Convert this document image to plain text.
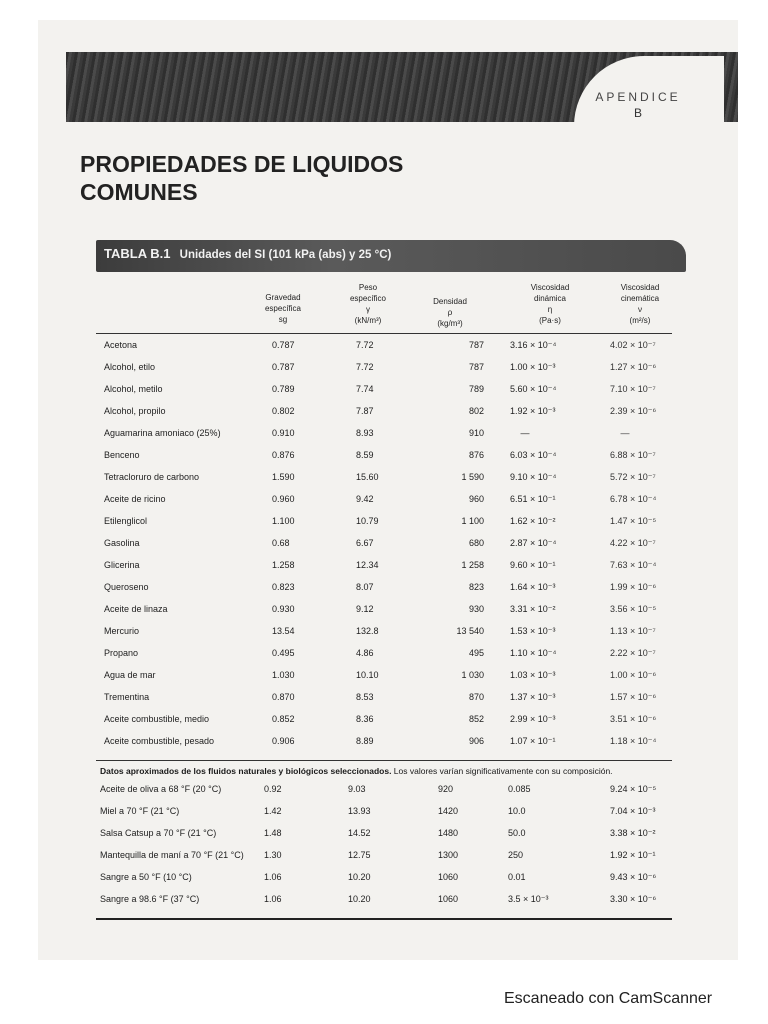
APENDICE
B
PROPIEDADES DE LIQUIDOS
COMUNES
TABLA B.1 Unidades del SI (101 kPa (abs) y 25 °C)
Gravedad
específica
sg
Peso
específico
γ
(kN/m³)
Densidad
ρ
(kg/m³)
Viscosidad
dinámica
η
(Pa·s)
Viscosidad
cinemática
ν
(m²/s)
Acetona	0.787	7.72	787	3.16 × 10⁻⁴	4.02 × 10⁻⁷
Alcohol, etilo	0.787	7.72	787	1.00 × 10⁻³	1.27 × 10⁻⁶
Alcohol, metilo	0.789	7.74	789	5.60 × 10⁻⁴	7.10 × 10⁻⁷
Alcohol, propilo	0.802	7.87	802	1.92 × 10⁻³	2.39 × 10⁻⁶
Aguamarina amoniaco (25%)	0.910	8.93	910	—	—
Benceno	0.876	8.59	876	6.03 × 10⁻⁴	6.88 × 10⁻⁷
Tetracloruro de carbono	1.590	15.60	1 590	9.10 × 10⁻⁴	5.72 × 10⁻⁷
Aceite de ricino	0.960	9.42	960	6.51 × 10⁻¹	6.78 × 10⁻⁴
Etilenglicol	1.100	10.79	1 100	1.62 × 10⁻²	1.47 × 10⁻⁵
Gasolina	0.68	6.67	680	2.87 × 10⁻⁴	4.22 × 10⁻⁷
Glicerina	1.258	12.34	1 258	9.60 × 10⁻¹	7.63 × 10⁻⁴
Queroseno	0.823	8.07	823	1.64 × 10⁻³	1.99 × 10⁻⁶
Aceite de linaza	0.930	9.12	930	3.31 × 10⁻²	3.56 × 10⁻⁵
Mercurio	13.54	132.8	13 540	1.53 × 10⁻³	1.13 × 10⁻⁷
Propano	0.495	4.86	495	1.10 × 10⁻⁴	2.22 × 10⁻⁷
Agua de mar	1.030	10.10	1 030	1.03 × 10⁻³	1.00 × 10⁻⁶
Trementina	0.870	8.53	870	1.37 × 10⁻³	1.57 × 10⁻⁶
Aceite combustible, medio	0.852	8.36	852	2.99 × 10⁻³	3.51 × 10⁻⁶
Aceite combustible, pesado	0.906	8.89	906	1.07 × 10⁻¹	1.18 × 10⁻⁴
Datos aproximados de los fluidos naturales y biológicos seleccionados. Los valores varían significativamente con su composición.
Aceite de oliva a 68 °F (20 °C)	0.92	9.03	920	0.085	9.24 × 10⁻⁵
Miel a 70 °F (21 °C)	1.42	13.93	1420	10.0	7.04 × 10⁻³
Salsa Catsup a 70 °F (21 °C)	1.48	14.52	1480	50.0	3.38 × 10⁻²
Mantequilla de maní a 70 °F (21 °C) 1.30	12.75	1300	250	1.92 × 10⁻¹
Sangre a 50 °F (10 °C)	1.06	10.20	1060	0.01	9.43 × 10⁻⁶
Sangre a 98.6 °F (37 °C)	1.06	10.20	1060	3.5 × 10⁻³	3.30 × 10⁻⁶
Escaneado con CamScanner
